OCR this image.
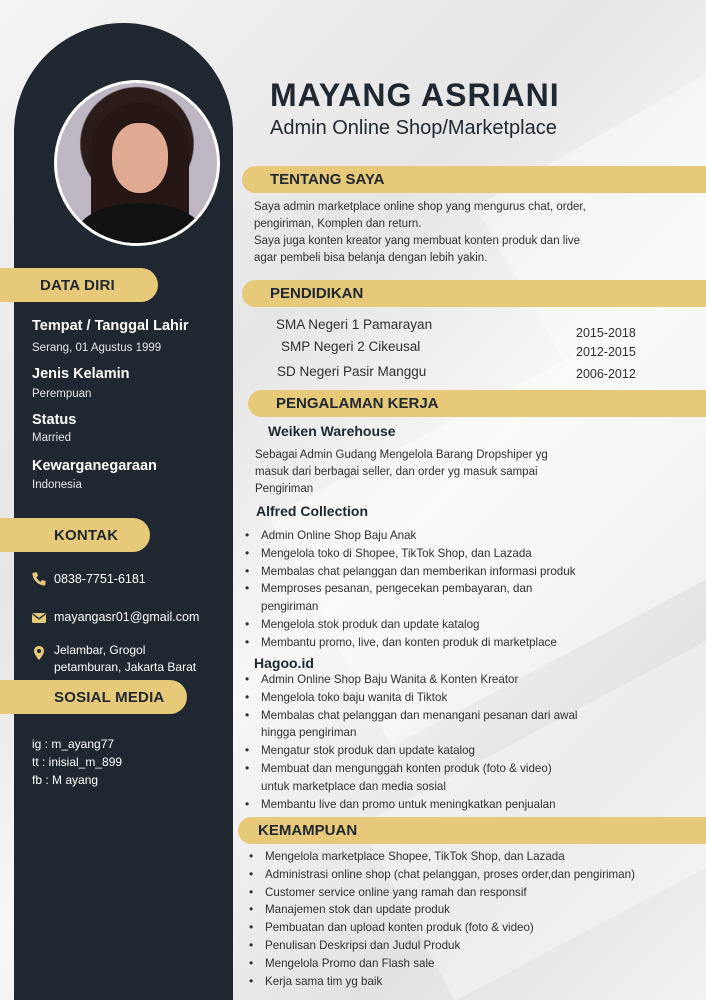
DATA DIRI
Tempat / Tanggal Lahir
Serang, 01 Agustus 1999
Jenis Kelamin
Perempuan
Status
Married
Kewarganegaraan
Indonesia
KONTAK
0838-7751-6181
mayangasr01@gmail.com
Jelambar, Grogol
petamburan, Jakarta Barat
SOSIAL MEDIA
ig : m_ayang77
tt : inisial_m_899
fb : M ayang
MAYANG ASRIANI
Admin Online Shop/Marketplace
TENTANG SAYA
Saya admin marketplace online shop yang mengurus chat, order,
pengiriman, Komplen dan return.
Saya juga konten kreator yang membuat konten produk dan live
agar pembeli bisa belanja dengan lebih yakin.
PENDIDIKAN
SMA Negeri 1 Pamarayan
2015-2018
SMP Negeri 2 Cikeusal	2012-2015
SD Negeri Pasir Manggu	2006-2012
PENGALAMAN KERJA
Weiken Warehouse
Sebagai Admin Gudang Mengelola Barang Dropshiper yg
masuk dari berbagai seller, dan order yg masuk sampai
Pengiriman
Alfred Collection
• Admin Online Shop Baju Anak
• Mengelola toko di Shopee, TikTok Shop, dan Lazada
• Membalas chat pelanggan dan memberikan informasi produk
• Memproses pesanan, pengecekan pembayaran, dan
pengiriman
• Mengelola stok produk dan update katalog
• Membantu promo, live, dan konten produk di marketplace
Hagoo.id
• Admin Online Shop Baju Wanita & Konten Kreator
• Mengelola toko baju wanita di Tiktok
• Membalas chat pelanggan dan menangani pesanan dari awal
hingga pengiriman
• Mengatur stok produk dan update katalog
• Membuat dan mengunggah konten produk (foto & video)
untuk marketplace dan media sosial
• Membantu live dan promo untuk meningkatkan penjualan
KEMAMPUAN
• Mengelola marketplace Shopee, TikTok Shop, dan Lazada
• Administrasi online shop (chat pelanggan, proses order,dan pengiriman)
• Customer service online yang ramah dan responsif
• Manajemen stok dan update produk
• Pembuatan dan upload konten produk (foto & video)
• Penulisan Deskripsi dan Judul Produk
• Mengelola Promo dan Flash sale
• Kerja sama tim yg baik
